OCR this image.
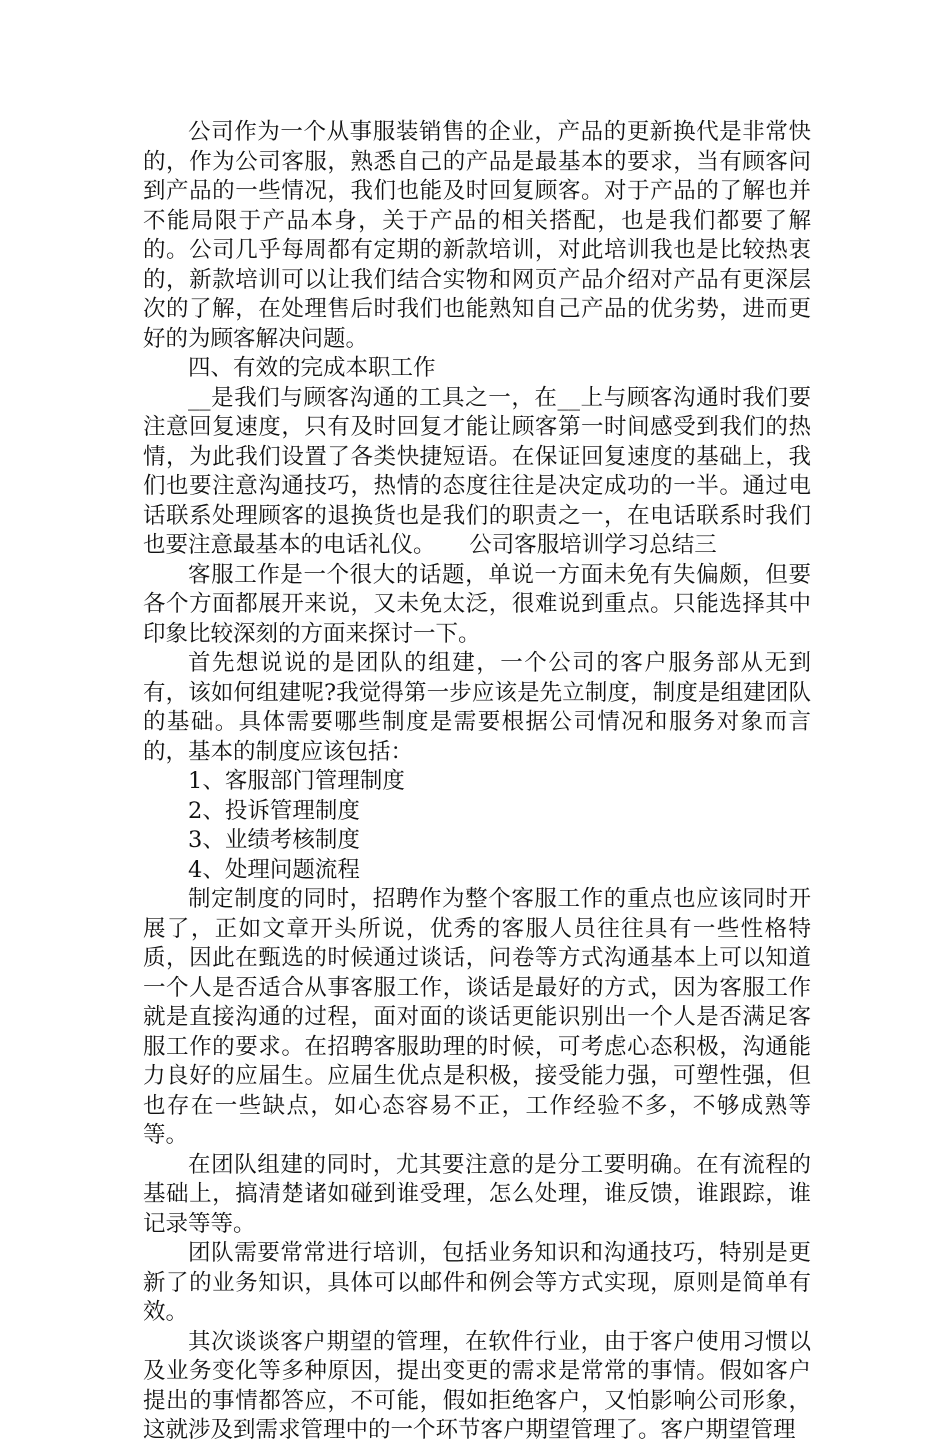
公司作为一个从事服装销售的企业，产品的更新换代是非常快的，作为公司客服，熟悉自己的产品是最基本的要求，当有顾客问到产品的一些情况，我们也能及时回复顾客。对于产品的了解也并不能局限于产品本身，关于产品的相关搭配，也是我们都要了解的。公司几乎每周都有定期的新款培训，对此培训我也是比较热衷的，新款培训可以让我们结合实物和网页产品介绍对产品有更深层次的了解，在处理售后时我们也能熟知自己产品的优劣势，进而更好的为顾客解决问题。

四、有效的完成本职工作

__是我们与顾客沟通的工具之一，在__上与顾客沟通时我们要注意回复速度，只有及时回复才能让顾客第一时间感受到我们的热情，为此我们设置了各类快捷短语。在保证回复速度的基础上，我们也要注意沟通技巧，热情的态度往往是决定成功的一半。通过电话联系处理顾客的退换货也是我们的职责之一，在电话联系时我们也要注意最基本的电话礼仪。　　公司客服培训学习总结三

客服工作是一个很大的话题，单说一方面未免有失偏颇，但要各个方面都展开来说，又未免太泛，很难说到重点。只能选择其中印象比较深刻的方面来探讨一下。

首先想说说的是团队的组建，一个公司的客户服务部从无到有，该如何组建呢?我觉得第一步应该是先立制度，制度是组建团队的基础。具体需要哪些制度是需要根据公司情况和服务对象而言的，基本的制度应该包括：

1、客服部门管理制度

2、投诉管理制度

3、业绩考核制度

4、处理问题流程

制定制度的同时，招聘作为整个客服工作的重点也应该同时开展了，正如文章开头所说，优秀的客服人员往往具有一些性格特质，因此在甄选的时候通过谈话，问卷等方式沟通基本上可以知道一个人是否适合从事客服工作，谈话是最好的方式，因为客服工作就是直接沟通的过程，面对面的谈话更能识别出一个人是否满足客服工作的要求。在招聘客服助理的时候，可考虑心态积极，沟通能力良好的应届生。应届生优点是积极，接受能力强，可塑性强，但也存在一些缺点，如心态容易不正，工作经验不多，不够成熟等等。

在团队组建的同时，尤其要注意的是分工要明确。在有流程的基础上，搞清楚诸如碰到谁受理，怎么处理，谁反馈，谁跟踪，谁记录等等。

团队需要常常进行培训，包括业务知识和沟通技巧，特别是更新了的业务知识，具体可以邮件和例会等方式实现，原则是简单有效。

其次谈谈客户期望的管理，在软件行业，由于客户使用习惯以及业务变化等多种原因，提出变更的需求是常常的事情。假如客户提出的事情都答应，不可能，假如拒绝客户，又怕影响公司形象，这就涉及到需求管理中的一个环节客户期望管理了。客户期望管理
